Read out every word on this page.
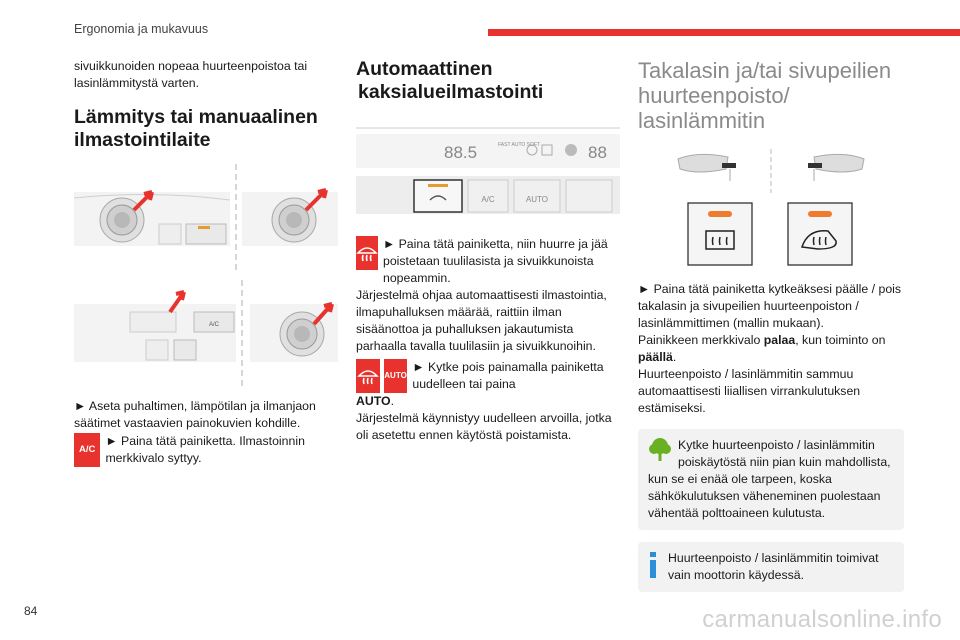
Ergonomia ja mukavuus
sivuikkunoiden nopeaa huurteenpoistoa tai lasinlämmitystä varten.
Lämmitys tai manuaalinen ilmastointilaite
A/C
► Aseta puhaltimen, lämpötilan ja ilmanjaon säätimet vastaavien painokuvien kohdille.
A/C
► Paina tätä painiketta. Ilmastoinnin merkkivalo syttyy.
Automaattinen
kaksialueilmastointi
88.5	FAST AUTO SOFT	88
A/C	AUTO
► Paina tätä painiketta, niin huurre ja jää poistetaan tuulilasista ja sivuikkunoista nopeammin.
Järjestelmä ohjaa automaattisesti ilmastointia, ilmapuhalluksen määrää, raittiin ilman sisäänottoa ja puhalluksen jakautumista parhaalla tavalla tuulilasiin ja sivuikkunoihin.
AUTO
► Kytke pois painamalla painiketta uudelleen tai paina
AUTO.
Järjestelmä käynnistyy uudelleen arvoilla, jotka oli asetettu ennen käytöstä poistamista.
Takalasin ja/tai sivupeilien huurteenpoisto/ lasinlämmitin
► Paina tätä painiketta kytkeäksesi päälle / pois takalasin ja sivupeilien huurteenpoiston / lasinlämmittimen (mallin mukaan).
Painikkeen merkkivalo palaa, kun toiminto on päällä.
Huurteenpoisto / lasinlämmitin sammuu automaattisesti liiallisen virrankulutuksen estämiseksi.
Kytke huurteenpoisto / lasinlämmitin poiskäytöstä niin pian kuin mahdollista, kun se ei enää ole tarpeen, koska sähkökulutuksen väheneminen puolestaan vähentää polttoaineen kulutusta.
Huurteenpoisto / lasinlämmitin toimivat vain moottorin käydessä.
84	carmanualsonline.info
